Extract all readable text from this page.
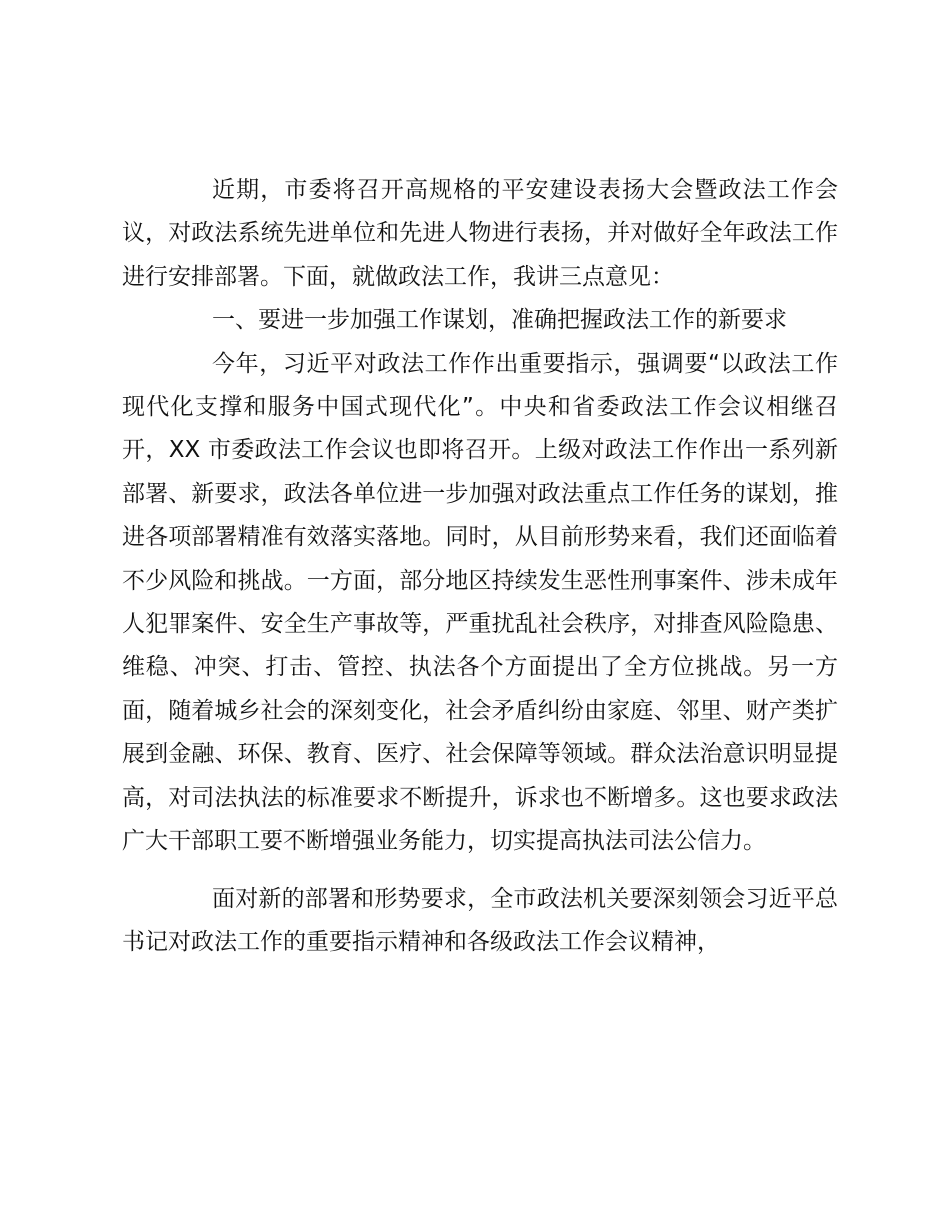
近期，市委将召开高规格的平安建设表扬大会暨政法工作会议，对政法系统先进单位和先进人物进行表扬，并对做好全年政法工作进行安排部署。下面，就做政法工作，我讲三点意见：

一、要进一步加强工作谋划，准确把握政法工作的新要求

今年，习近平对政法工作作出重要指示，强调要“以政法工作现代化支撑和服务中国式现代化”。中央和省委政法工作会议相继召开，XX 市委政法工作会议也即将召开。上级对政法工作作出一系列新部署、新要求，政法各单位进一步加强对政法重点工作任务的谋划，推进各项部署精准有效落实落地。同时，从目前形势来看，我们还面临着不少风险和挑战。一方面，部分地区持续发生恶性刑事案件、涉未成年人犯罪案件、安全生产事故等，严重扰乱社会秩序，对排查风险隐患、维稳、冲突、打击、管控、执法各个方面提出了全方位挑战。另一方面，随着城乡社会的深刻变化，社会矛盾纠纷由家庭、邻里、财产类扩展到金融、环保、教育、医疗、社会保障等领域。群众法治意识明显提高，对司法执法的标准要求不断提升，诉求也不断增多。这也要求政法广大干部职工要不断增强业务能力，切实提高执法司法公信力。

面对新的部署和形势要求，全市政法机关要深刻领会习近平总书记对政法工作的重要指示精神和各级政法工作会议精神，
